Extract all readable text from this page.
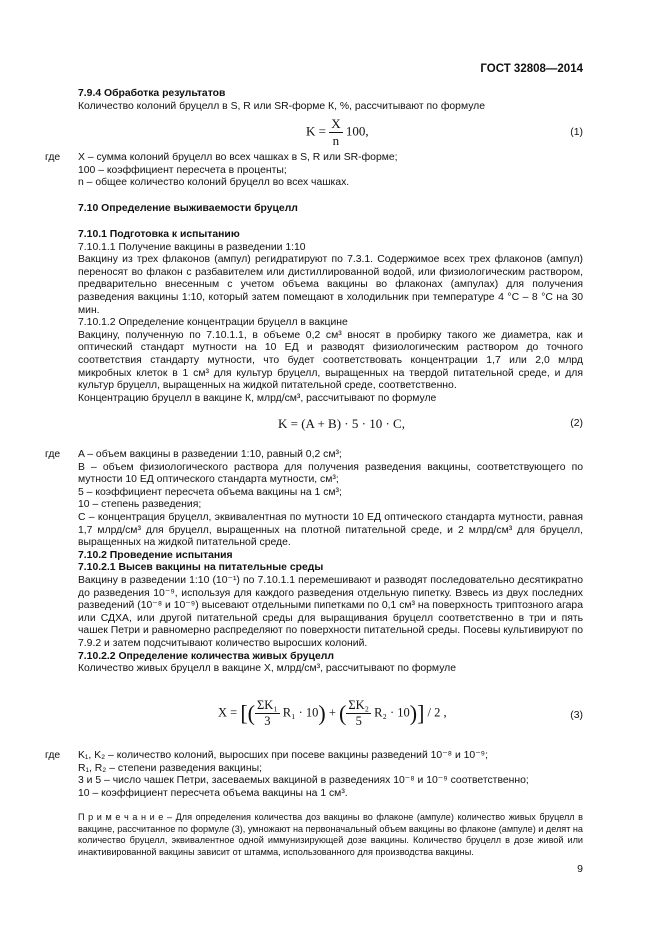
ГОСТ 32808—2014

7.9.4 Обработка результатов

Количество колоний бруцелл в S, R или SR-форме К, %, рассчитывают по формуле

$K = \frac{X}{n} 100$,	(1)
где X – сумма колоний бруцелл во всех чашках в S, R или SR-форме;

100 – коэффициент пересчета в проценты;

n – общее количество колоний бруцелл во всех чашках.

7.10 Определение выживаемости бруцелл

7.10.1 Подготовка к испытанию

7.10.1.1 Получение вакцины в разведении 1:10

Вакцину из трех флаконов (ампул) регидратируют по 7.3.1. Содержимое всех трех флаконов (ампул) переносят во флакон с разбавителем или дистиллированной водой, или физиологическим раствором, предварительно внесенным с учетом объема вакцины во флаконах (ампулах) для получения разведения вакцины 1:10, который затем помещают в холодильник при температуре 4 °С – 8 °С на 30 мин.

7.10.1.2 Определение концентрации бруцелл в вакцине

Вакцину, полученную по 7.10.1.1, в объеме 0,2 см³ вносят в пробирку такого же диаметра, как и оптический стандарт мутности на 10 ЕД и разводят физиологическим раствором до точного соответствия стандарту мутности, что будет соответствовать концентрации 1,7 или 2,0 млрд микробных клеток в 1 см³ для культур бруцелл, выращенных на твердой питательной среде, и для культур бруцелл, выращенных на жидкой питательной среде, соответственно.

Концентрацию бруцелл в вакцине К, млрд/см³, рассчитывают по формуле

K = (A + B) · 5 · 10 · C,	(2)
где A – объем вакцины в разведении 1:10, равный 0,2 см³;

B – объем физиологического раствора для получения разведения вакцины, соответствующего по мутности 10 ЕД оптического стандарта мутности, см³;

5 – коэффициент пересчета объема вакцины на 1 см³;

10 – степень разведения;

C – концентрация бруцелл, эквивалентная по мутности 10 ЕД оптического стандарта мутности, равная 1,7 млрд/см³ для бруцелл, выращенных на плотной питательной среде, и 2 млрд/см³ для бруцелл, выращенных на жидкой питательной среде.

7.10.2 Проведение испытания

7.10.2.1 Высев вакцины на питательные среды

Вакцину в разведении 1:10 (10⁻¹) по 7.10.1.1 перемешивают и разводят последовательно десятикратно до разведения 10⁻⁹, используя для каждого разведения отдельную пипетку. Взвесь из двух последних разведений (10⁻⁸ и 10⁻⁹) высевают отдельными пипетками по 0,1 см³ на поверхность триптозного агара или СДХА, или другой питательной среды для выращивания бруцелл соответственно в три и пять чашек Петри и равномерно распределяют по поверхности питательной среды. Посевы культивируют по 7.9.2 и затем подсчитывают количество выросших колоний.

7.10.2.2 Определение количества живых бруцелл

Количество живых бруцелл в вакцине X, млрд/см³, рассчитывают по формуле

X = [( $\frac{\text{ΣK₁}}{3} R_1 \cdot 10$) + ( $\frac{\text{ΣK₂}}{5} R_2 \cdot 10)] / 2$ ,	(3)
где K₁, K₂ – количество колоний, выросших при посеве вакцины разведений 10⁻⁸ и 10⁻⁹;

R₁, R₂ – степени разведения вакцины;

3 и 5 – число чашек Петри, засеваемых вакциной в разведениях 10⁻⁸ и 10⁻⁹ соответственно;

10 – коэффициент пересчета объема вакцины на 1 см³.

П р и м е ч а н и е – Для определения количества доз вакцины во флаконе (ампуле) количество живых бруцелл в вакцине, рассчитанное по формуле (3), умножают на первоначальный объем вакцины во флаконе (ампуле) и делят на количество бруцелл, эквивалентное одной иммунизирующей дозе вакцины. Количество бруцелл в дозе живой или инактивированной вакцины зависит от штамма, использованного для производства вакцины.
9
